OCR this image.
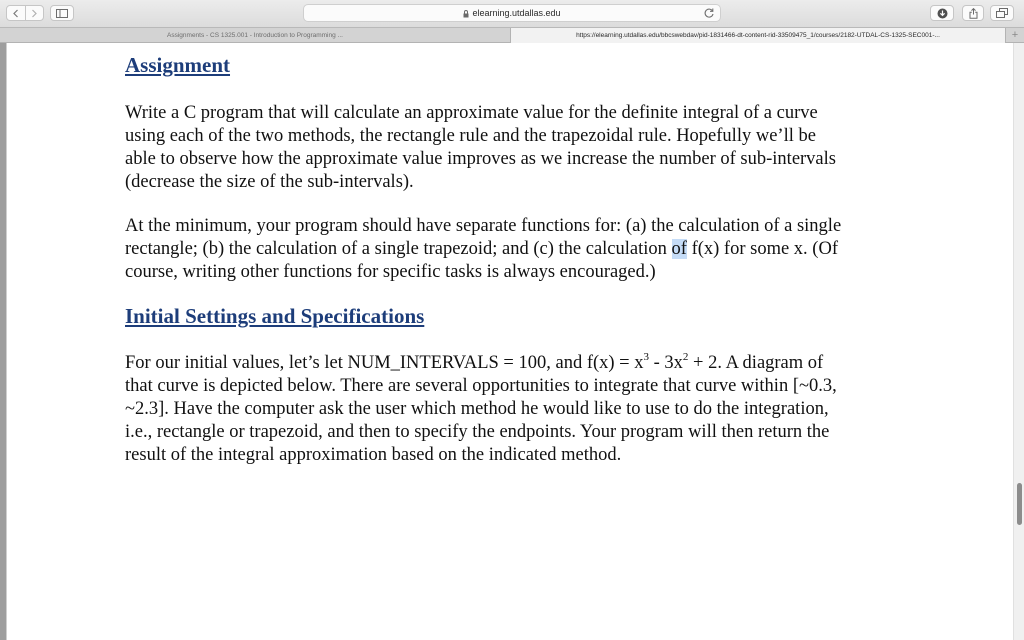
elearning.utdallas.edu
Assignments - CS 1325.001 - Introduction to Programming ...	https://elearning.utdallas.edu/bbcswebdav/pid-1831466-dt-content-rid-33509475_1/courses/2182-UTDAL-CS-1325-SEC001-...	+
Assignment

Write a C program that will calculate an approximate value for the definite integral of a curve
using each of the two methods, the rectangle rule and the trapezoidal rule. Hopefully we’ll be
able to observe how the approximate value improves as we increase the number of sub-intervals
(decrease the size of the sub-intervals).

At the minimum, your program should have separate functions for: (a) the calculation of a single
rectangle; (b) the calculation of a single trapezoid; and (c) the calculation of f(x) for some x. (Of
course, writing other functions for specific tasks is always encouraged.)

Initial Settings and Specifications

For our initial values, let’s let NUM_INTERVALS = 100, and $f(x) = x^3 - 3x^2 + 2$. A diagram of
that curve is depicted below. There are several opportunities to integrate that curve within [~0.3,
~2.3]. Have the computer ask the user which method he would like to use to do the integration,
i.e., rectangle or trapezoid, and then to specify the endpoints. Your program will then return the
result of the integral approximation based on the indicated method.
